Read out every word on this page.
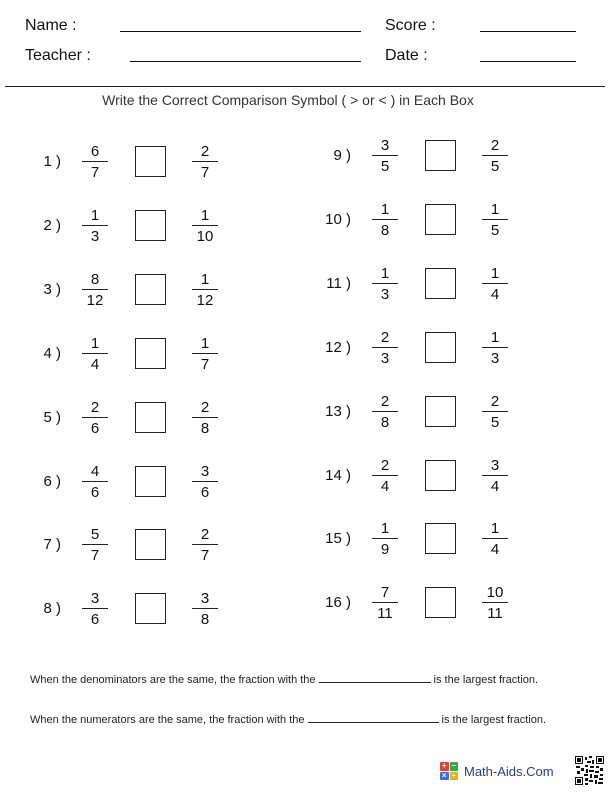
Name :	Score :
Teacher :	Date :
Write the Correct Comparison Symbol ( > or < ) in Each Box
1 )
6
7
2
7
2 )
1
3
1
10
3 )
8
12
1
12
4 )
1
4
1
7
5 )
2
6
2
8
6 )
4
6
3
6
7 )
5
7
2
7
8 )
3
6
3
8
9 )
3
5
2
5
10 )
1
8
1
5
11 )
1
3
1
4
12 )
2
3
1
3
13 )
2
8
2
5
14 )
2
4
3
4
15 )
1
9
1
4
16 )
7
11
10
11
When the denominators are the same, the fraction with the	is the largest fraction.
When the numerators are the same, the fraction with the	is the largest fraction.
+ −
× ÷ Math-Aids.Com
